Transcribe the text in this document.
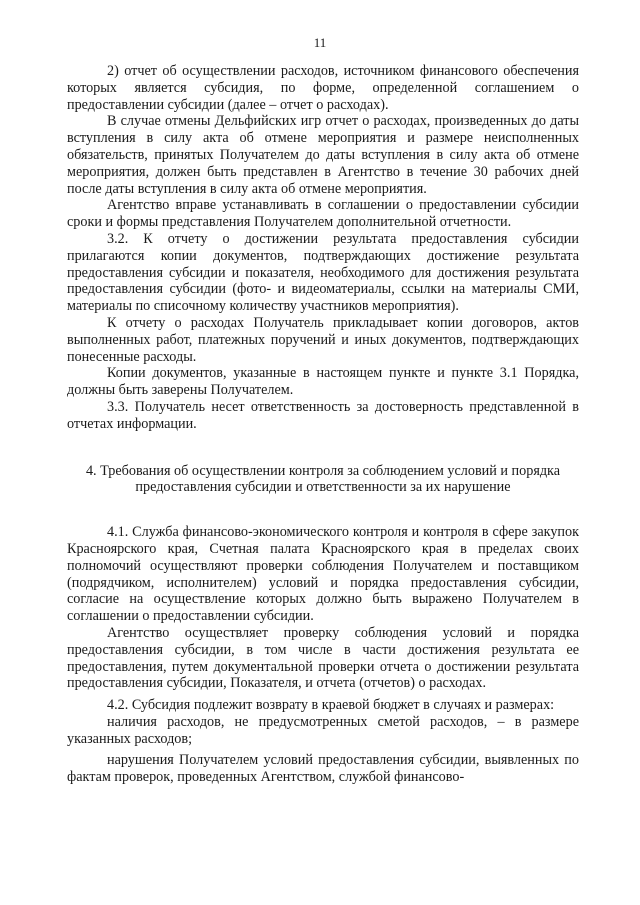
11

2) отчет об осуществлении расходов, источником финансового обеспечения которых является субсидия, по форме, определенной соглашением о предоставлении субсидии (далее – отчет о расходах).

В случае отмены Дельфийских игр отчет о расходах, произведенных до даты вступления в силу акта об отмене мероприятия и размере неисполненных обязательств, принятых Получателем до даты вступления в силу акта об отмене мероприятия, должен быть представлен в Агентство в течение 30 рабочих дней после даты вступления в силу акта об отмене мероприятия.

Агентство вправе устанавливать в соглашении о предоставлении субсидии сроки и формы представления Получателем дополнительной отчетности.

3.2. К отчету о достижении результата предоставления субсидии прилагаются копии документов, подтверждающих достижение результата предоставления субсидии и показателя, необходимого для достижения результата предоставления субсидии (фото- и видеоматериалы, ссылки на материалы СМИ, материалы по списочному количеству участников мероприятия).

К отчету о расходах Получатель прикладывает копии договоров, актов выполненных работ, платежных поручений и иных документов, подтверждающих понесенные расходы.

Копии документов, указанные в настоящем пункте и пункте 3.1 Порядка, должны быть заверены Получателем.

3.3. Получатель несет ответственность за достоверность представленной в отчетах информации.

4. Требования об осуществлении контроля за соблюдением условий и порядка
предоставления субсидии и ответственности за их нарушение

4.1. Служба финансово-экономического контроля и контроля в сфере закупок Красноярского края, Счетная палата Красноярского края в пределах своих полномочий осуществляют проверки соблюдения Получателем и поставщиком (подрядчиком, исполнителем) условий и порядка предоставления субсидии, согласие на осуществление которых должно быть выражено Получателем в соглашении о предоставлении субсидии.

Агентство осуществляет проверку соблюдения условий и порядка предоставления субсидии, в том числе в части достижения результата ее предоставления, путем документальной проверки отчета о достижении результата предоставления субсидии, Показателя, и отчета (отчетов) о расходах.

4.2. Субсидия подлежит возврату в краевой бюджет в случаях и размерах:

наличия расходов, не предусмотренных сметой расходов, – в размере указанных расходов;

нарушения Получателем условий предоставления субсидии, выявленных по фактам проверок, проведенных Агентством, службой финансово-
